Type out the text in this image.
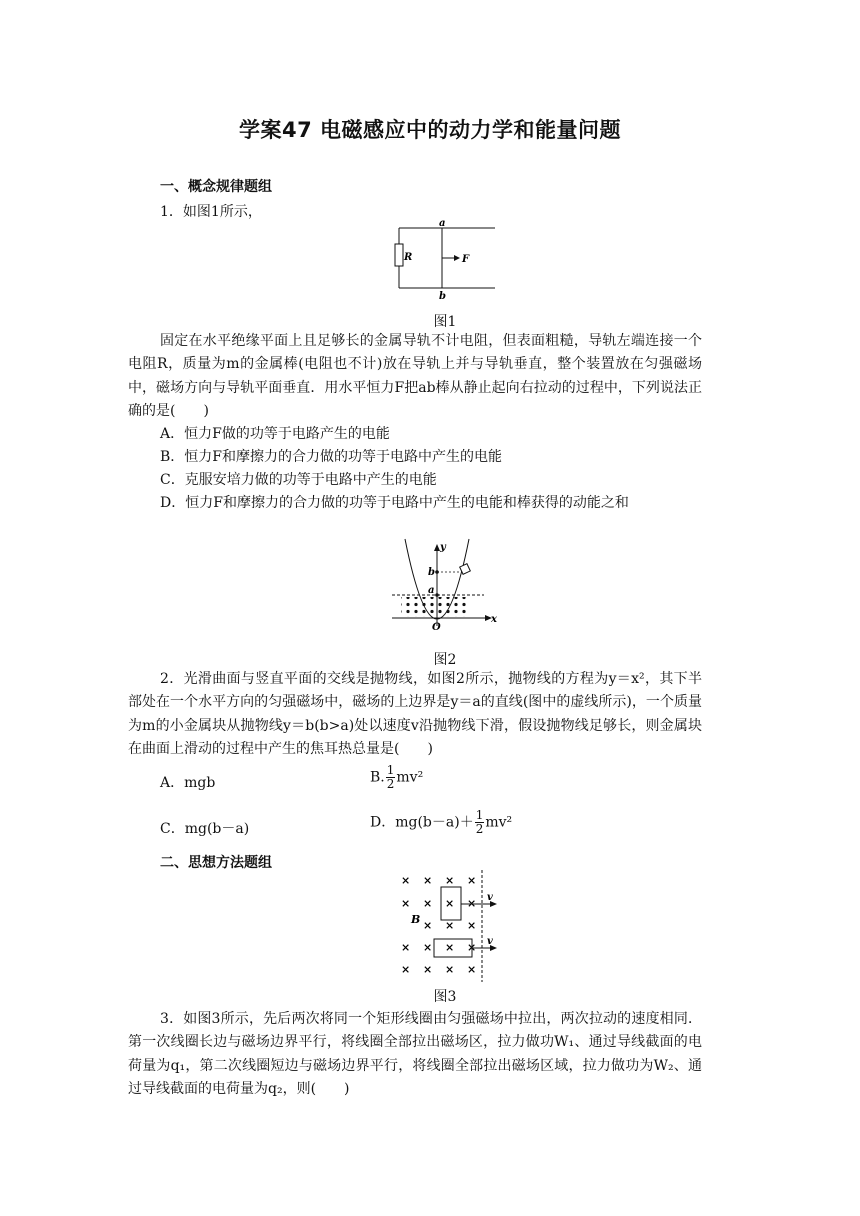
学案47 电磁感应中的动力学和能量问题
一、概念规律题组
1．如图1所示，
a
b
R	F
图1
固定在水平绝缘平面上且足够长的金属导轨不计电阻，但表面粗糙，导轨左端连接一个电阻R，质量为m的金属棒(电阻也不计)放在导轨上并与导轨垂直，整个装置放在匀强磁场中，磁场方向与导轨平面垂直．用水平恒力F把ab棒从静止起向右拉动的过程中，下列说法正确的是(　　)
A．恒力F做的功等于电路产生的电能
B．恒力F和摩擦力的合力做的功等于电路中产生的电能
C．克服安培力做的功等于电路中产生的电能
D．恒力F和摩擦力的合力做的功等于电路中产生的电能和棒获得的动能之和
y
x
O
b
a
图2
2．光滑曲面与竖直平面的交线是抛物线，如图2所示，抛物线的方程为y＝x²，其下半部处在一个水平方向的匀强磁场中，磁场的上边界是y＝a的直线(图中的虚线所示)，一个质量为m的小金属块从抛物线y＝b(b>a)处以速度v沿抛物线下滑，假设抛物线足够长，则金属块在曲面上滑动的过程中产生的焦耳热总量是(　　)
A．mgb	B. $\frac{1}{2} mv^2$
C．mg(b－a)	D．$mg(b-a)+ \frac{1}{2} mv^2$
二、思想方法题组
× × × ×
× × × ×
× × ×
× × × ×
× × × ×
B
v
v
图3
3．如图3所示，先后两次将同一个矩形线圈由匀强磁场中拉出，两次拉动的速度相同．第一次线圈长边与磁场边界平行，将线圈全部拉出磁场区，拉力做功W₁、通过导线截面的电荷量为q₁，第二次线圈短边与磁场边界平行，将线圈全部拉出磁场区域，拉力做功为W₂、通过导线截面的电荷量为q₂，则(　　)
